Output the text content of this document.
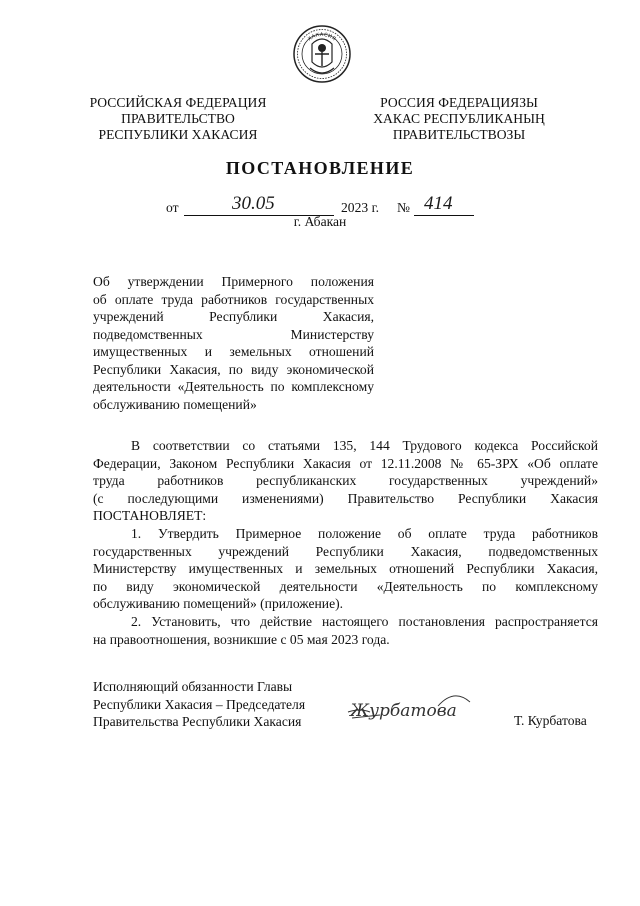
ХАКАСИЯ
РОССИЙСКАЯ ФЕДЕРАЦИЯ
ПРАВИТЕЛЬСТВО
РЕСПУБЛИКИ ХАКАСИЯ
РОССИЯ ФЕДЕРАЦИЯЗЫ
ХАКАС РЕСПУБЛИКАНЫҢ
ПРАВИТЕЛЬСТВОЗЫ
ПОСТАНОВЛЕНИЕ
от	30.05	2023 г. № 414
г. Абакан
Об утверждении Примерного положения
об оплате труда работников государственных
учреждений Республики Хакасия,
подведомственных Министерству
имущественных и земельных отношений
Республики Хакасия, по виду экономической
деятельности «Деятельность по комплексному
обслуживанию помещений»
В соответствии со статьями 135, 144 Трудового кодекса Российской
Федерации, Законом Республики Хакасия от 12.11.2008 № 65-ЗРХ «Об оплате
труда работников республиканских государственных учреждений»
(с последующими изменениями) Правительство Республики Хакасия
ПОСТАНОВЛЯЕТ:
1. Утвердить Примерное положение об оплате труда работников
государственных учреждений Республики Хакасия, подведомственных
Министерству имущественных и земельных отношений Республики Хакасия,
по виду экономической деятельности «Деятельность по комплексному
обслуживанию помещений» (приложение).
2. Установить, что действие настоящего постановления распространяется
на правоотношения, возникшие с 05 мая 2023 года.
Исполняющий обязанности Главы
Республики Хакасия – Председателя
Правительства Республики Хакасия
Журбатова	Т. Курбатова
